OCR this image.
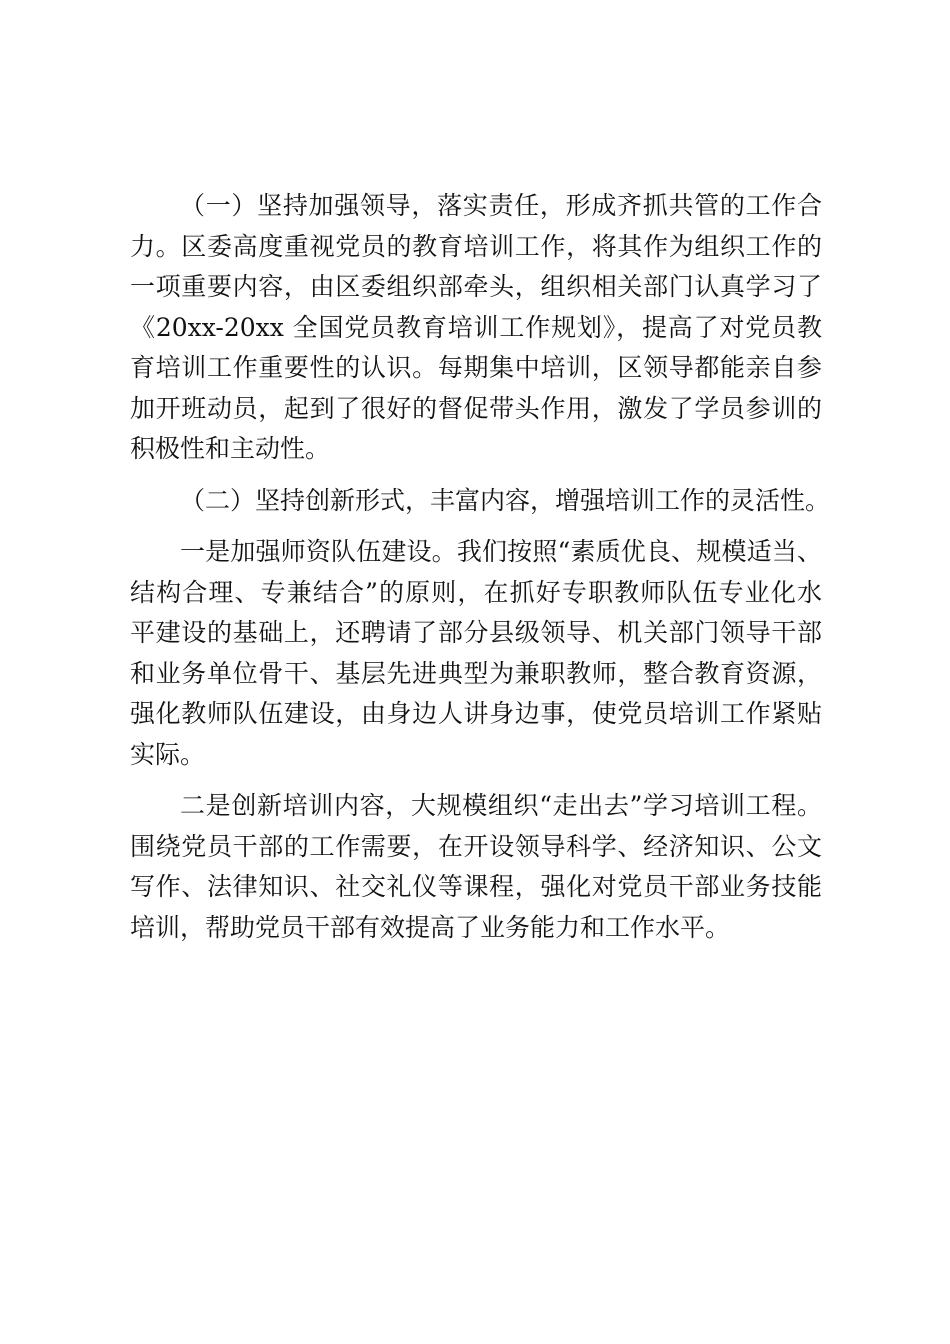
（一）坚持加强领导，落实责任，形成齐抓共管的工作合
力。区委高度重视党员的教育培训工作，将其作为组织工作的
一项重要内容，由区委组织部牵头，组织相关部门认真学习了
《20xx-20xx 全国党员教育培训工作规划》，提高了对党员教
育培训工作重要性的认识。每期集中培训，区领导都能亲自参
加开班动员，起到了很好的督促带头作用，激发了学员参训的
积极性和主动性。
（二）坚持创新形式，丰富内容，增强培训工作的灵活性。
一是加强师资队伍建设。我们按照“素质优良、规模适当、
结构合理、专兼结合”的原则，在抓好专职教师队伍专业化水
平建设的基础上，还聘请了部分县级领导、机关部门领导干部
和业务单位骨干、基层先进典型为兼职教师，整合教育资源，
强化教师队伍建设，由身边人讲身边事，使党员培训工作紧贴
实际。
二是创新培训内容，大规模组织“走出去”学习培训工程。
围绕党员干部的工作需要，在开设领导科学、经济知识、公文
写作、法律知识、社交礼仪等课程，强化对党员干部业务技能
培训，帮助党员干部有效提高了业务能力和工作水平。
